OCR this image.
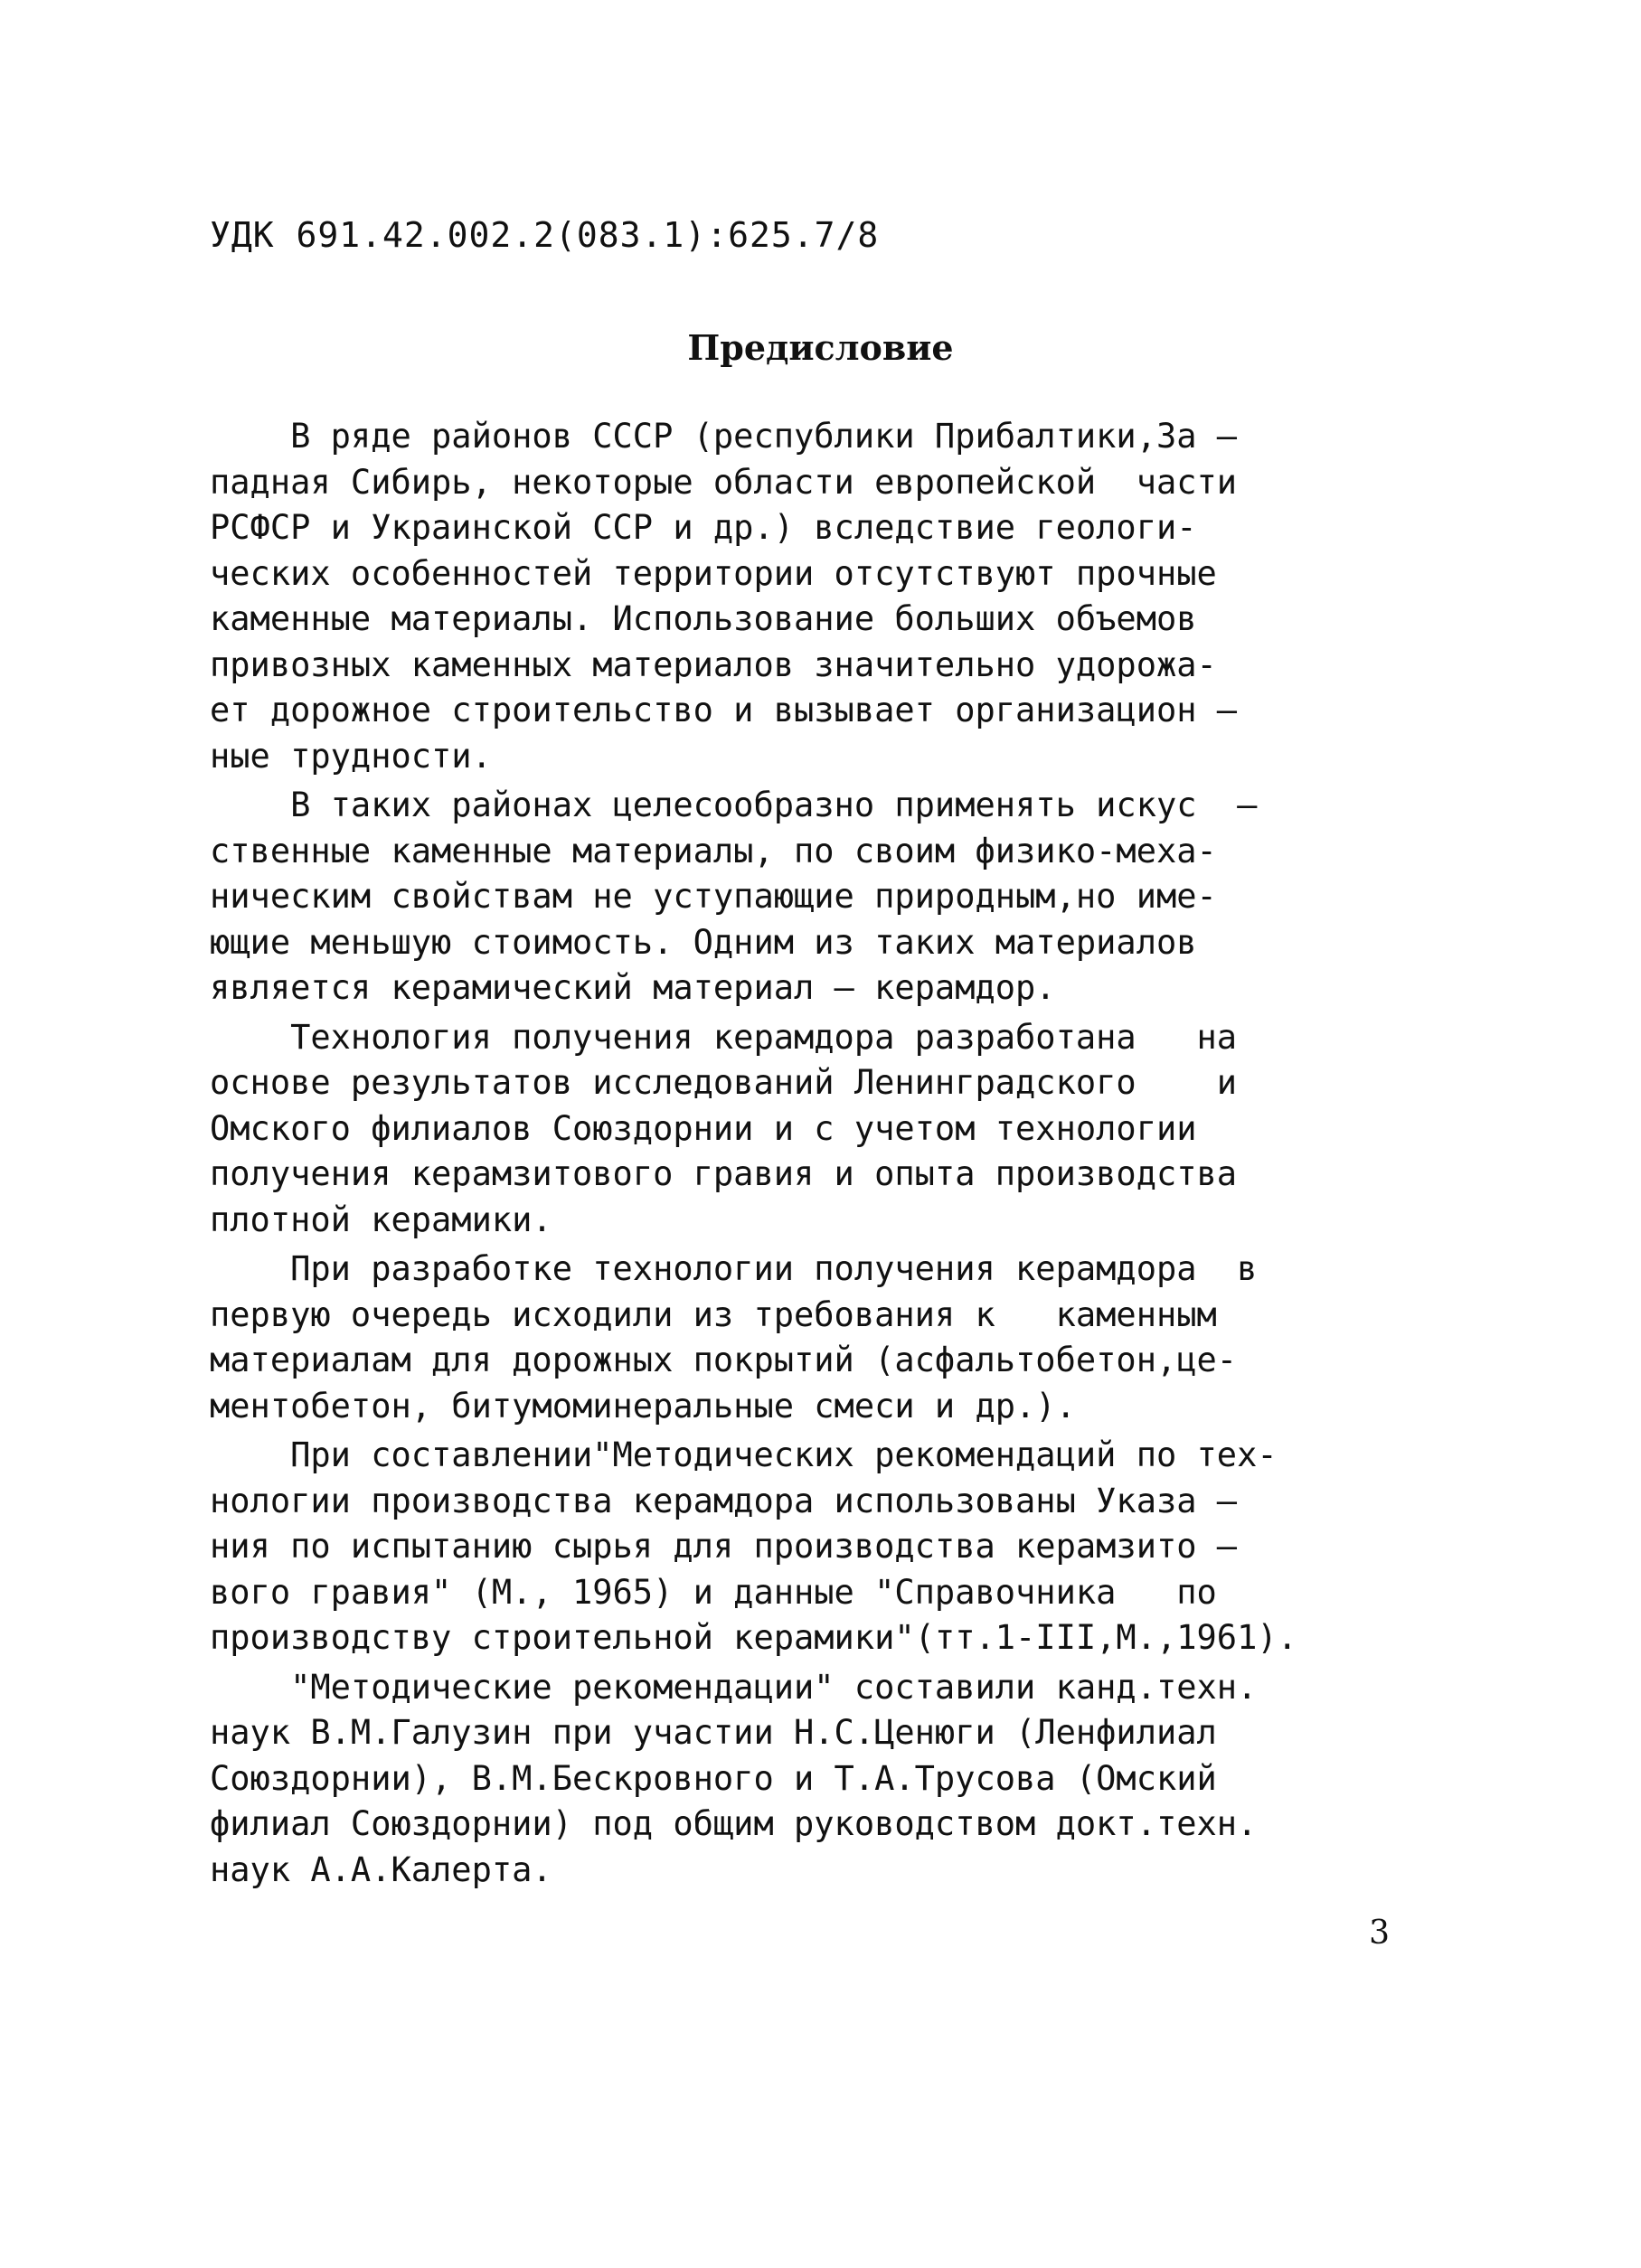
УДК 691.42.002.2(083.1):625.7/8
Предисловие
В ряде районов СССР (республики Прибалтики,За –
падная Сибирь, некоторые области европейской  части
РСФСР и Украинской ССР и др.) вследствие геологи-
ческих особенностей территории отсутствуют прочные
каменные материалы. Использование больших объемов
привозных каменных материалов значительно удорожа-
ет дорожное строительство и вызывает организацион –
ные трудности.
В таких районах целесообразно применять искус  –
ственные каменные материалы, по своим физико-меха-
ническим свойствам не уступающие природным,но име-
ющие меньшую стоимость. Одним из таких материалов
является керамический материал – керамдор.
Технология получения керамдора разработана   на
основе результатов исследований Ленинградского    и
Омского филиалов Союздорнии и с учетом технологии
получения керамзитового гравия и опыта производства
плотной керамики.
При разработке технологии получения керамдора  в
первую очередь исходили из требования к   каменным
материалам для дорожных покрытий (асфальтобетон,це-
ментобетон, битумоминеральные смеси и др.).
При составлении"Методических рекомендаций по тех-
нологии производства керамдора использованы Указа –
ния по испытанию сырья для производства керамзито –
вого гравия" (М., 1965) и данные "Справочника   по
производству строительной керамики"(тт.1-III,М.,1961).
"Методические рекомендации" составили канд.техн.
наук В.М.Галузин при участии Н.С.Ценюги (Ленфилиал
Союздорнии), В.М.Бескровного и Т.А.Трусова (Омский
филиал Союздорнии) под общим руководством докт.техн.
наук А.А.Калерта.
3
